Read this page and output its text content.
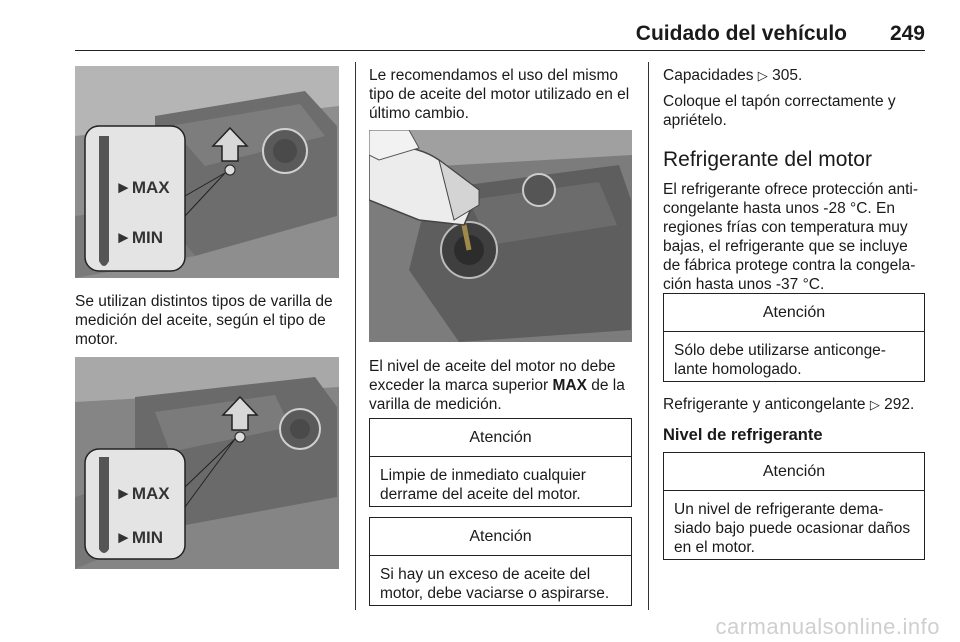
Cuidado del vehículo 249
►MAX
►MIN
Se utilizan distintos tipos de varilla de medición del aceite, según el tipo de motor.
►MAX
►MIN
Le recomendamos el uso del mismo tipo de aceite del motor utilizado en el último cambio.
El nivel de aceite del motor no debe exceder la marca superior MAX de la varilla de medición.
Atención
Limpie de inmediato cualquier derrame del aceite del motor.
Atención
Si hay un exceso de aceite del motor, debe vaciarse o aspirarse.
Capacidades ▷ 305.
Coloque el tapón correctamente y apriételo.
Refrigerante del motor
El refrigerante ofrece protección anti-congelante hasta unos -28 °C. En regiones frías con temperatura muy bajas, el refrigerante que se incluye de fábrica protege contra la congela-ción hasta unos -37 °C.
Atención
Sólo debe utilizarse anticonge-lante homologado.
Refrigerante y anticongelante ▷ 292.
Nivel de refrigerante
Atención
Un nivel de refrigerante dema-siado bajo puede ocasionar daños en el motor.
carmanualsonline.info
